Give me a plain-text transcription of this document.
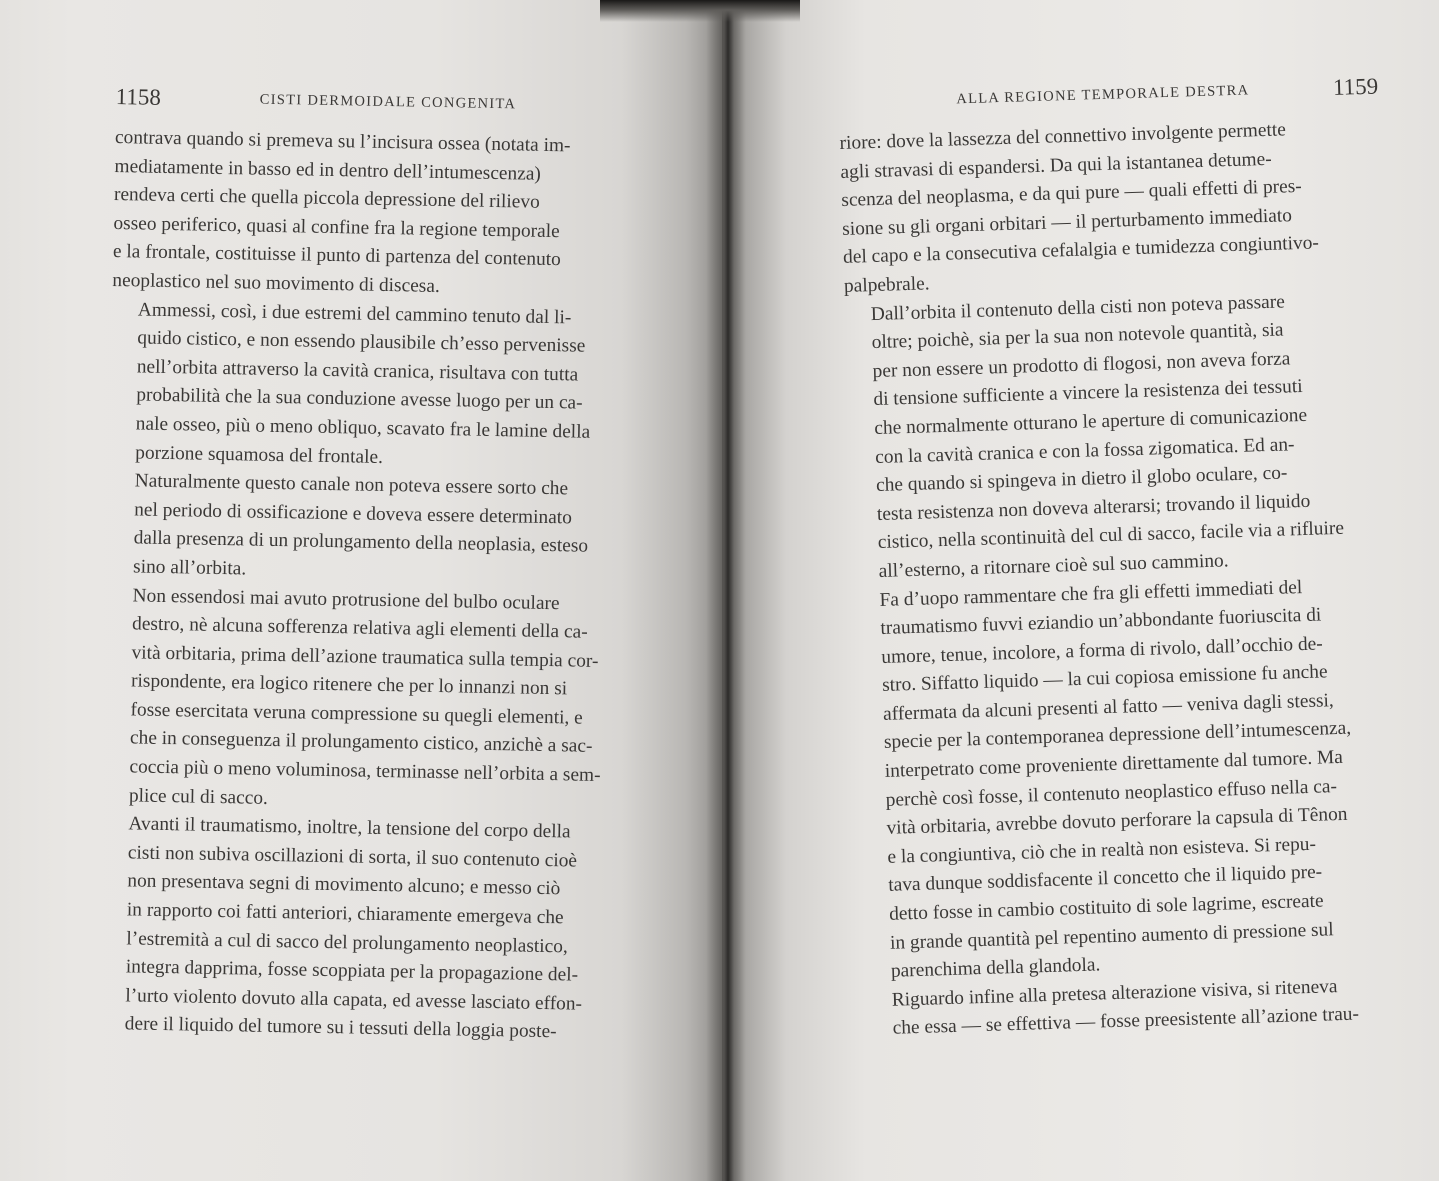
1158	CISTI DERMOIDALE CONGENITA

contrava quando si premeva su l’incisura ossea (notata im-
mediatamente in basso ed in dentro dell’intumescenza)
rendeva certi che quella piccola depressione del rilievo
osseo periferico, quasi al confine fra la regione temporale
e la frontale, costituisse il punto di partenza del contenuto
neoplastico nel suo movimento di discesa.

Ammessi, così, i due estremi del cammino tenuto dal li-
quido cistico, e non essendo plausibile ch’esso pervenisse
nell’orbita attraverso la cavità cranica, risultava con tutta
probabilità che la sua conduzione avesse luogo per un ca-
nale osseo, più o meno obliquo, scavato fra le lamine della
porzione squamosa del frontale.

Naturalmente questo canale non poteva essere sorto che
nel periodo di ossificazione e doveva essere determinato
dalla presenza di un prolungamento della neoplasia, esteso
sino all’orbita.

Non essendosi mai avuto protrusione del bulbo oculare
destro, nè alcuna sofferenza relativa agli elementi della ca-
vità orbitaria, prima dell’azione traumatica sulla tempia cor-
rispondente, era logico ritenere che per lo innanzi non si
fosse esercitata veruna compressione su quegli elementi, e
che in conseguenza il prolungamento cistico, anzichè a sac-
coccia più o meno voluminosa, terminasse nell’orbita a sem-
plice cul di sacco.

Avanti il traumatismo, inoltre, la tensione del corpo della
cisti non subiva oscillazioni di sorta, il suo contenuto cioè
non presentava segni di movimento alcuno; e messo ciò
in rapporto coi fatti anteriori, chiaramente emergeva che
l’estremità a cul di sacco del prolungamento neoplastico,
integra dapprima, fosse scoppiata per la propagazione del-
l’urto violento dovuto alla capata, ed avesse lasciato effon-
dere il liquido del tumore su i tessuti della loggia poste-

ALLA REGIONE TEMPORALE DESTRA	1159

riore: dove la lassezza del connettivo involgente permette
agli stravasi di espandersi. Da qui la istantanea detume-
scenza del neoplasma, e da qui pure — quali effetti di pres-
sione su gli organi orbitari — il perturbamento immediato
del capo e la consecutiva cefalalgia e tumidezza congiuntivo-
palpebrale.

Dall’orbita il contenuto della cisti non poteva passare
oltre; poichè, sia per la sua non notevole quantità, sia
per non essere un prodotto di flogosi, non aveva forza
di tensione sufficiente a vincere la resistenza dei tessuti
che normalmente otturano le aperture di comunicazione
con la cavità cranica e con la fossa zigomatica. Ed an-
che quando si spingeva in dietro il globo oculare, co-
testa resistenza non doveva alterarsi; trovando il liquido
cistico, nella scontinuità del cul di sacco, facile via a rifluire
all’esterno, a ritornare cioè sul suo cammino.

Fa d’uopo rammentare che fra gli effetti immediati del
traumatismo fuvvi eziandio un’abbondante fuoriuscita di
umore, tenue, incolore, a forma di rivolo, dall’occhio de-
stro. Siffatto liquido — la cui copiosa emissione fu anche
affermata da alcuni presenti al fatto — veniva dagli stessi,
specie per la contemporanea depressione dell’intumescenza,
interpetrato come proveniente direttamente dal tumore. Ma
perchè così fosse, il contenuto neoplastico effuso nella ca-
vità orbitaria, avrebbe dovuto perforare la capsula di Tênon
e la congiuntiva, ciò che in realtà non esisteva. Si repu-
tava dunque soddisfacente il concetto che il liquido pre-
detto fosse in cambio costituito di sole lagrime, escreate
in grande quantità pel repentino aumento di pressione sul
parenchima della glandola.

Riguardo infine alla pretesa alterazione visiva, si riteneva
che essa — se effettiva — fosse preesistente all’azione trau-
